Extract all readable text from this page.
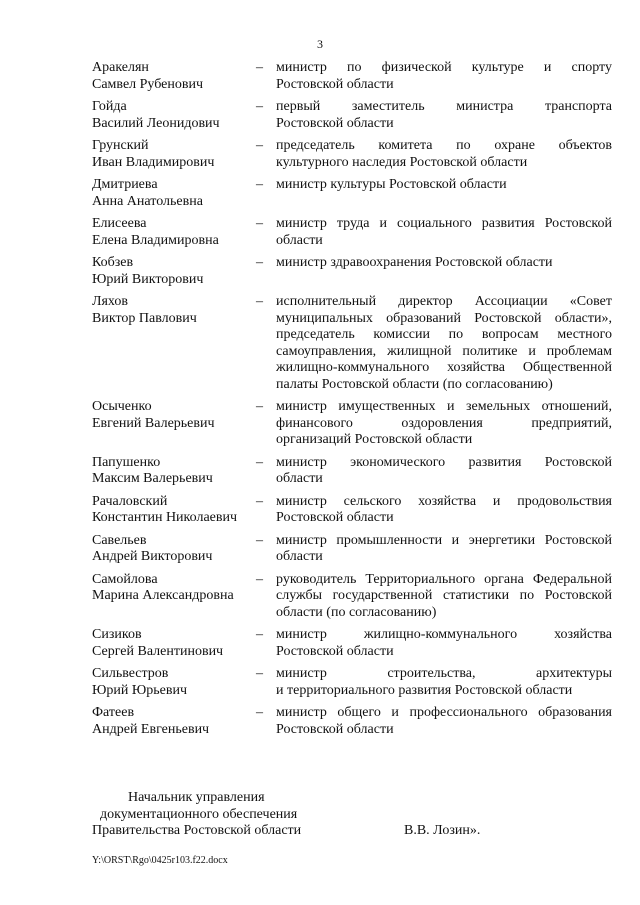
3
Аракелян
Самвел Рубенович
– министр по физической культуре и спорту
Ростовской области
Гойда
Василий Леонидович
– первый заместитель министра транспорта
Ростовской области
Грунский
Иван Владимирович
– председатель комитета по охране объектов
культурного наследия Ростовской области
Дмитриева
Анна Анатольевна
– министр культуры Ростовской области
Елисеева
Елена Владимировна
– министр труда и социального развития Ростовской
области
Кобзев
Юрий Викторович
– министр здравоохранения Ростовской области
Ляхов
Виктор Павлович
– исполнительный директор Ассоциации «Совет
муниципальных образований Ростовской области»,
председатель комиссии по вопросам местного
самоуправления, жилищной политике и проблемам
жилищно-коммунального хозяйства Общественной
палаты Ростовской области (по согласованию)
Осыченко
Евгений Валерьевич
– министр имущественных и земельных отношений,
финансового оздоровления предприятий,
организаций Ростовской области
Папушенко
Максим Валерьевич
– министр экономического развития Ростовской
области
Рачаловский
Константин Николаевич
– министр сельского хозяйства и продовольствия
Ростовской области
Савельев
Андрей Викторович
– министр промышленности и энергетики Ростовской
области
Самойлова
Марина Александровна
– руководитель Территориального органа Федеральной
службы государственной статистики по Ростовской
области (по согласованию)
Сизиков
Сергей Валентинович
– министр жилищно-коммунального хозяйства
Ростовской области
Сильвестров
Юрий Юрьевич
– министр строительства, архитектуры
и территориального развития Ростовской области
Фатеев
Андрей Евгеньевич
– министр общего и профессионального образования
Ростовской области
Начальник управления
документационного обеспечения
Правительства Ростовской области	В.В. Лозин».
Y:\ORST\Rgo\0425r103.f22.docx
